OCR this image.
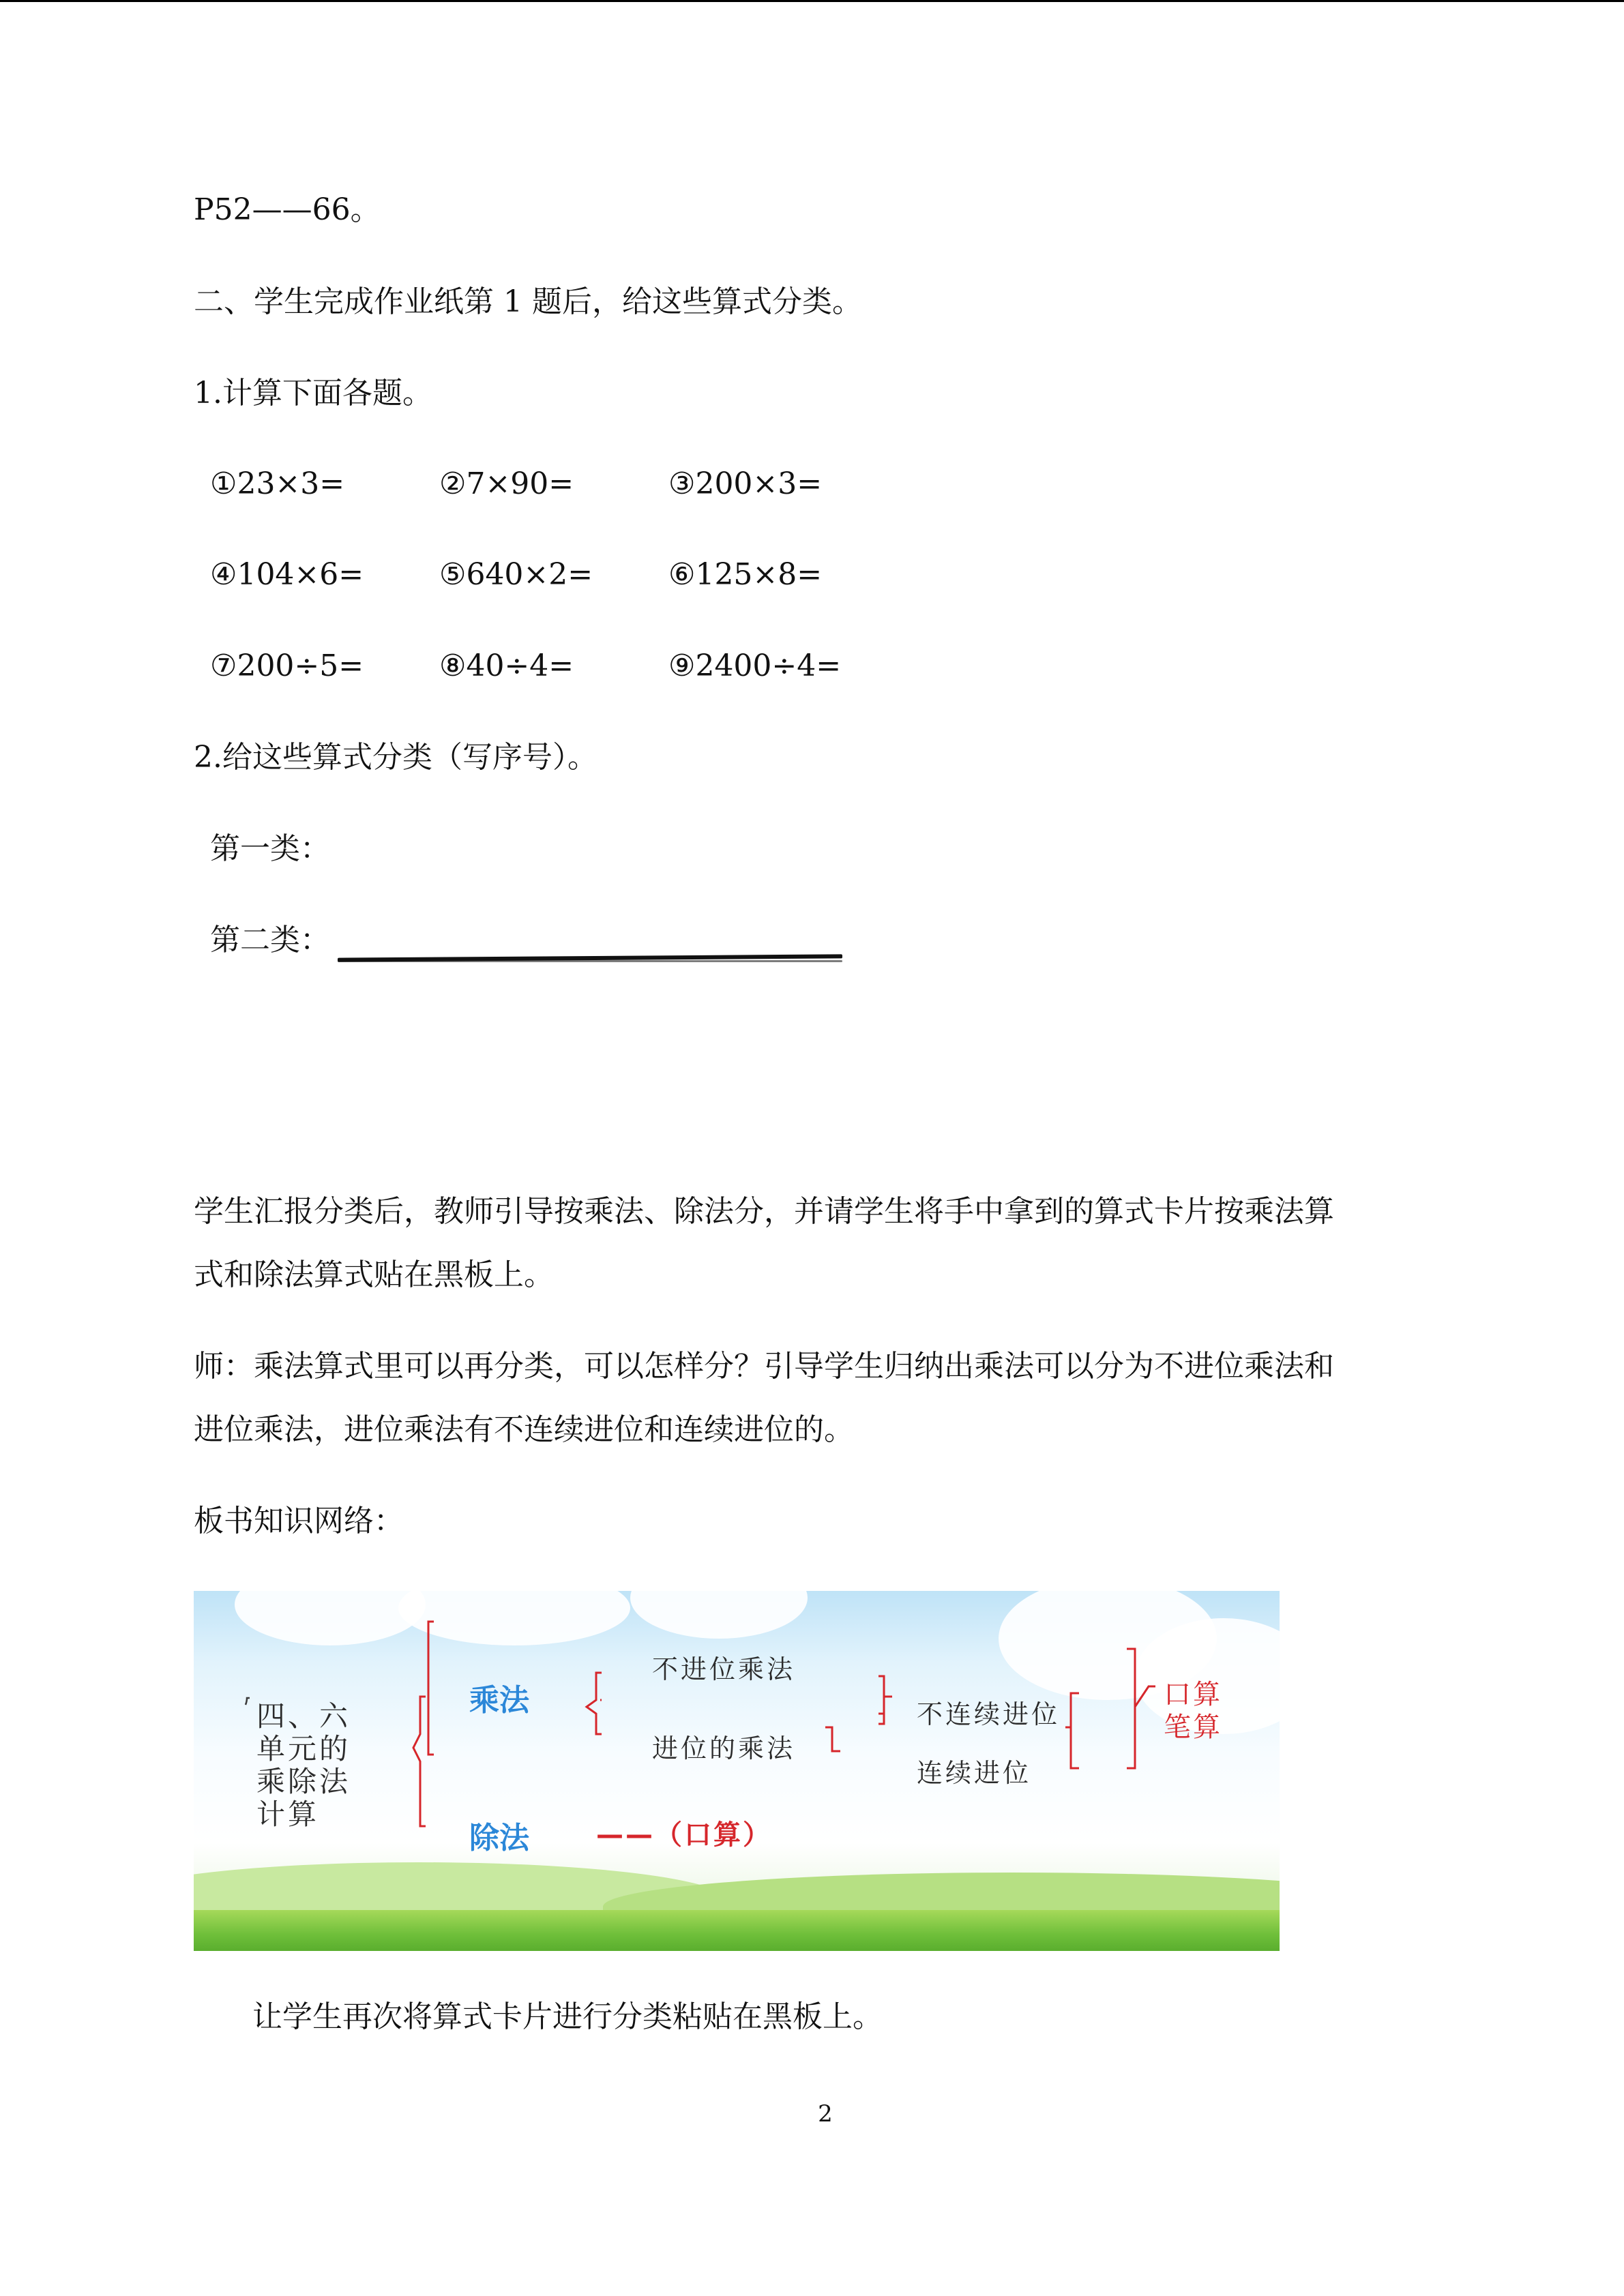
P52——66。
二、学生完成作业纸第 1 题后，给这些算式分类。
1.计算下面各题。
①23×3=	②7×90=	③200×3=
④104×6=	⑤640×2=	⑥125×8=
⑦200÷5=	⑧40÷4=	⑨2400÷4=
2.给这些算式分类（写序号）。
第一类：
第二类：
学生汇报分类后，教师引导按乘法、除法分，并请学生将手中拿到的算式卡片按乘法算
式和除法算式贴在黑板上。
师：乘法算式里可以再分类，可以怎样分？引导学生归纳出乘法可以分为不进位乘法和
进位乘法，进位乘法有不连续进位和连续进位的。
板书知识网络：
四、六
单元的
乘除法
计算
乘法
除法
不进位乘法
进位的乘法
不连续进位
连续进位
口算
笔算
——（口算）
让学生再次将算式卡片进行分类粘贴在黑板上。
2
